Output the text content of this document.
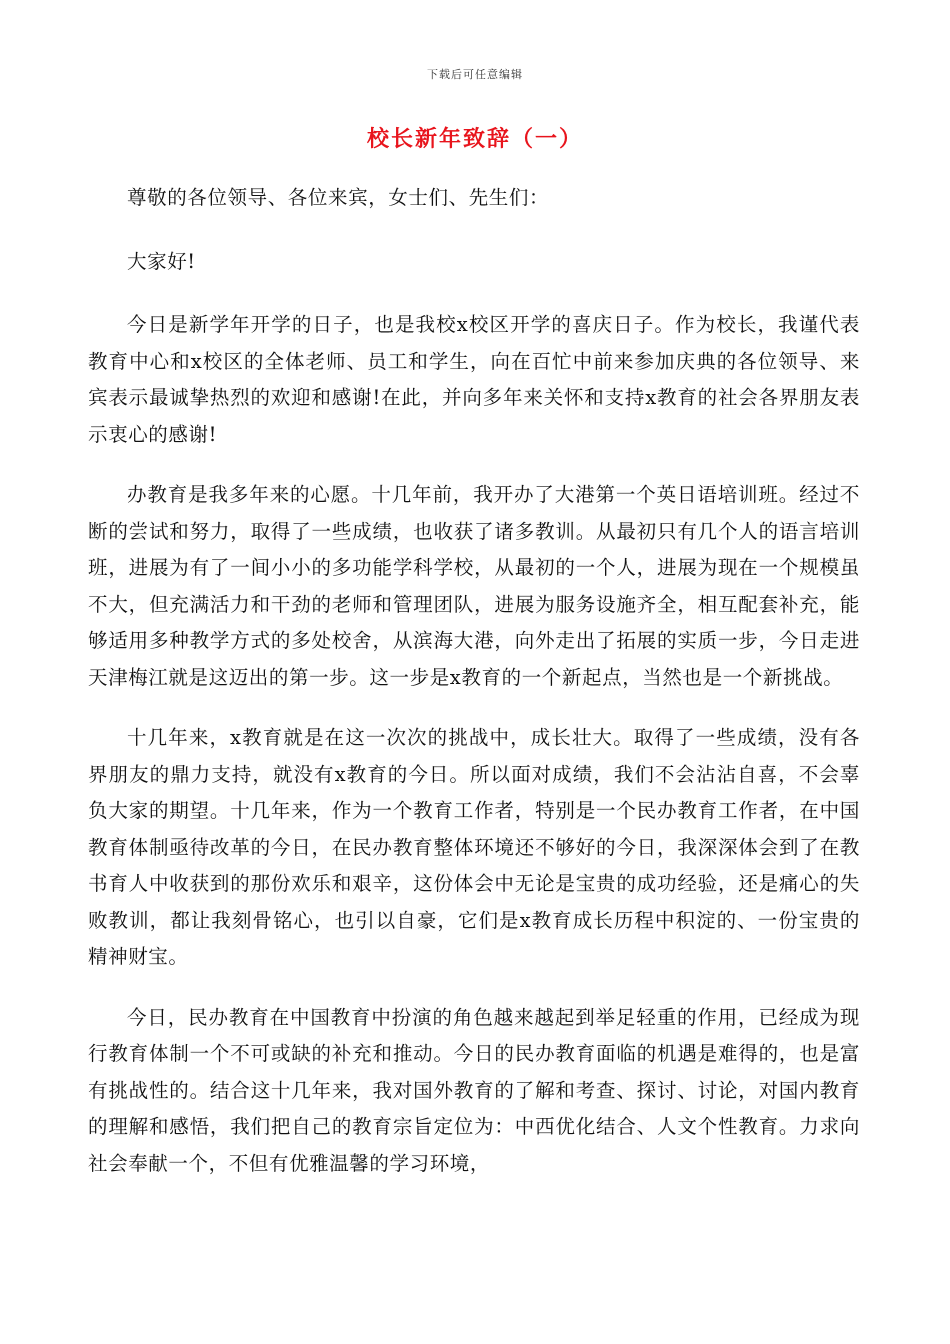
下载后可任意编辑
校长新年致辞（一）

尊敬的各位领导、各位来宾，女士们、先生们：

大家好!

今日是新学年开学的日子，也是我校x校区开学的喜庆日子。作为校长，我谨代表教育中心和x校区的全体老师、员工和学生，向在百忙中前来参加庆典的各位领导、来宾表示最诚挚热烈的欢迎和感谢!在此，并向多年来关怀和支持x教育的社会各界朋友表示衷心的感谢!

办教育是我多年来的心愿。十几年前，我开办了大港第一个英日语培训班。经过不断的尝试和努力，取得了一些成绩，也收获了诸多教训。从最初只有几个人的语言培训班，进展为有了一间小小的多功能学科学校，从最初的一个人，进展为现在一个规模虽不大，但充满活力和干劲的老师和管理团队，进展为服务设施齐全，相互配套补充，能够适用多种教学方式的多处校舍，从滨海大港，向外走出了拓展的实质一步，今日走进天津梅江就是这迈出的第一步。这一步是x教育的一个新起点，当然也是一个新挑战。

十几年来，x教育就是在这一次次的挑战中，成长壮大。取得了一些成绩，没有各界朋友的鼎力支持，就没有x教育的今日。所以面对成绩，我们不会沾沾自喜，不会辜负大家的期望。十几年来，作为一个教育工作者，特别是一个民办教育工作者，在中国教育体制亟待改革的今日，在民办教育整体环境还不够好的今日，我深深体会到了在教书育人中收获到的那份欢乐和艰辛，这份体会中无论是宝贵的成功经验，还是痛心的失败教训，都让我刻骨铭心，也引以自豪，它们是x教育成长历程中积淀的、一份宝贵的精神财宝。

今日，民办教育在中国教育中扮演的角色越来越起到举足轻重的作用，已经成为现行教育体制一个不可或缺的补充和推动。今日的民办教育面临的机遇是难得的，也是富有挑战性的。结合这十几年来，我对国外教育的了解和考查、探讨、讨论，对国内教育的理解和感悟，我们把自己的教育宗旨定位为：中西优化结合、人文个性教育。力求向社会奉献一个，不但有优雅温馨的学习环境，
